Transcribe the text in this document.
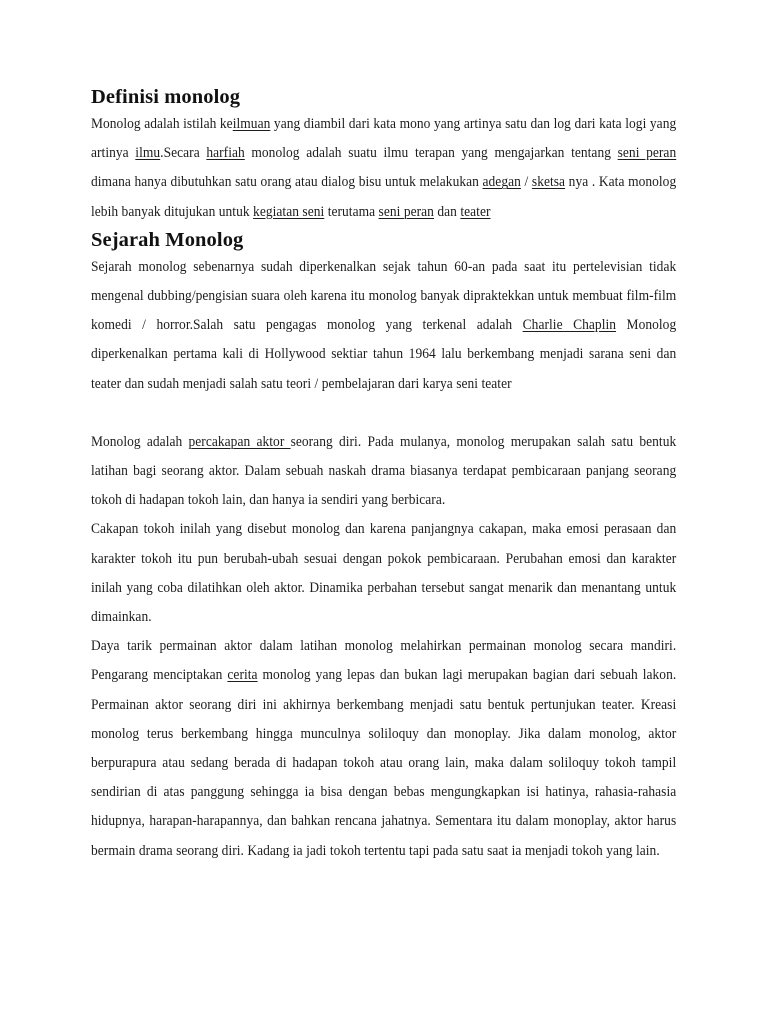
Definisi monolog

Monolog adalah istilah keilmuan yang diambil dari kata mono yang artinya satu dan log dari kata logi yang artinya ilmu.Secara harfiah monolog adalah suatu ilmu terapan yang mengajarkan tentang seni peran dimana hanya dibutuhkan satu orang atau dialog bisu untuk melakukan adegan / sketsa nya . Kata monolog lebih banyak ditujukan untuk kegiatan seni terutama seni peran dan teater

Sejarah Monolog

Sejarah monolog sebenarnya sudah diperkenalkan sejak tahun 60-an pada saat itu pertelevisian tidak mengenal dubbing/pengisian suara oleh karena itu monolog banyak dipraktekkan untuk membuat film-film komedi / horror.Salah satu pengagas monolog yang terkenal adalah Charlie Chaplin Monolog diperkenalkan pertama kali di Hollywood sektiar tahun 1964 lalu berkembang menjadi sarana seni dan teater dan sudah menjadi salah satu teori / pembelajaran dari karya seni teater

Monolog adalah percakapan aktor seorang diri. Pada mulanya, monolog merupakan salah satu bentuk latihan bagi seorang aktor. Dalam sebuah naskah drama biasanya terdapat pembicaraan panjang seorang tokoh di hadapan tokoh lain, dan hanya ia sendiri yang berbicara.

Cakapan tokoh inilah yang disebut monolog dan karena panjangnya cakapan, maka emosi perasaan dan karakter tokoh itu pun berubah-ubah sesuai dengan pokok pembicaraan. Perubahan emosi dan karakter inilah yang coba dilatihkan oleh aktor. Dinamika perbahan tersebut sangat menarik dan menantang untuk dimainkan.

Daya tarik permainan aktor dalam latihan monolog melahirkan permainan monolog secara mandiri. Pengarang menciptakan cerita monolog yang lepas dan bukan lagi merupakan bagian dari sebuah lakon. Permainan aktor seorang diri ini akhirnya berkembang menjadi satu bentuk pertunjukan teater. Kreasi monolog terus berkembang hingga munculnya soliloquy dan monoplay. Jika dalam monolog, aktor berpurapura atau sedang berada di hadapan tokoh atau orang lain, maka dalam soliloquy tokoh tampil sendirian di atas panggung sehingga ia bisa dengan bebas mengungkapkan isi hatinya, rahasia-rahasia hidupnya, harapan-harapannya, dan bahkan rencana jahatnya. Sementara itu dalam monoplay, aktor harus bermain drama seorang diri. Kadang ia jadi tokoh tertentu tapi pada satu saat ia menjadi tokoh yang lain.
